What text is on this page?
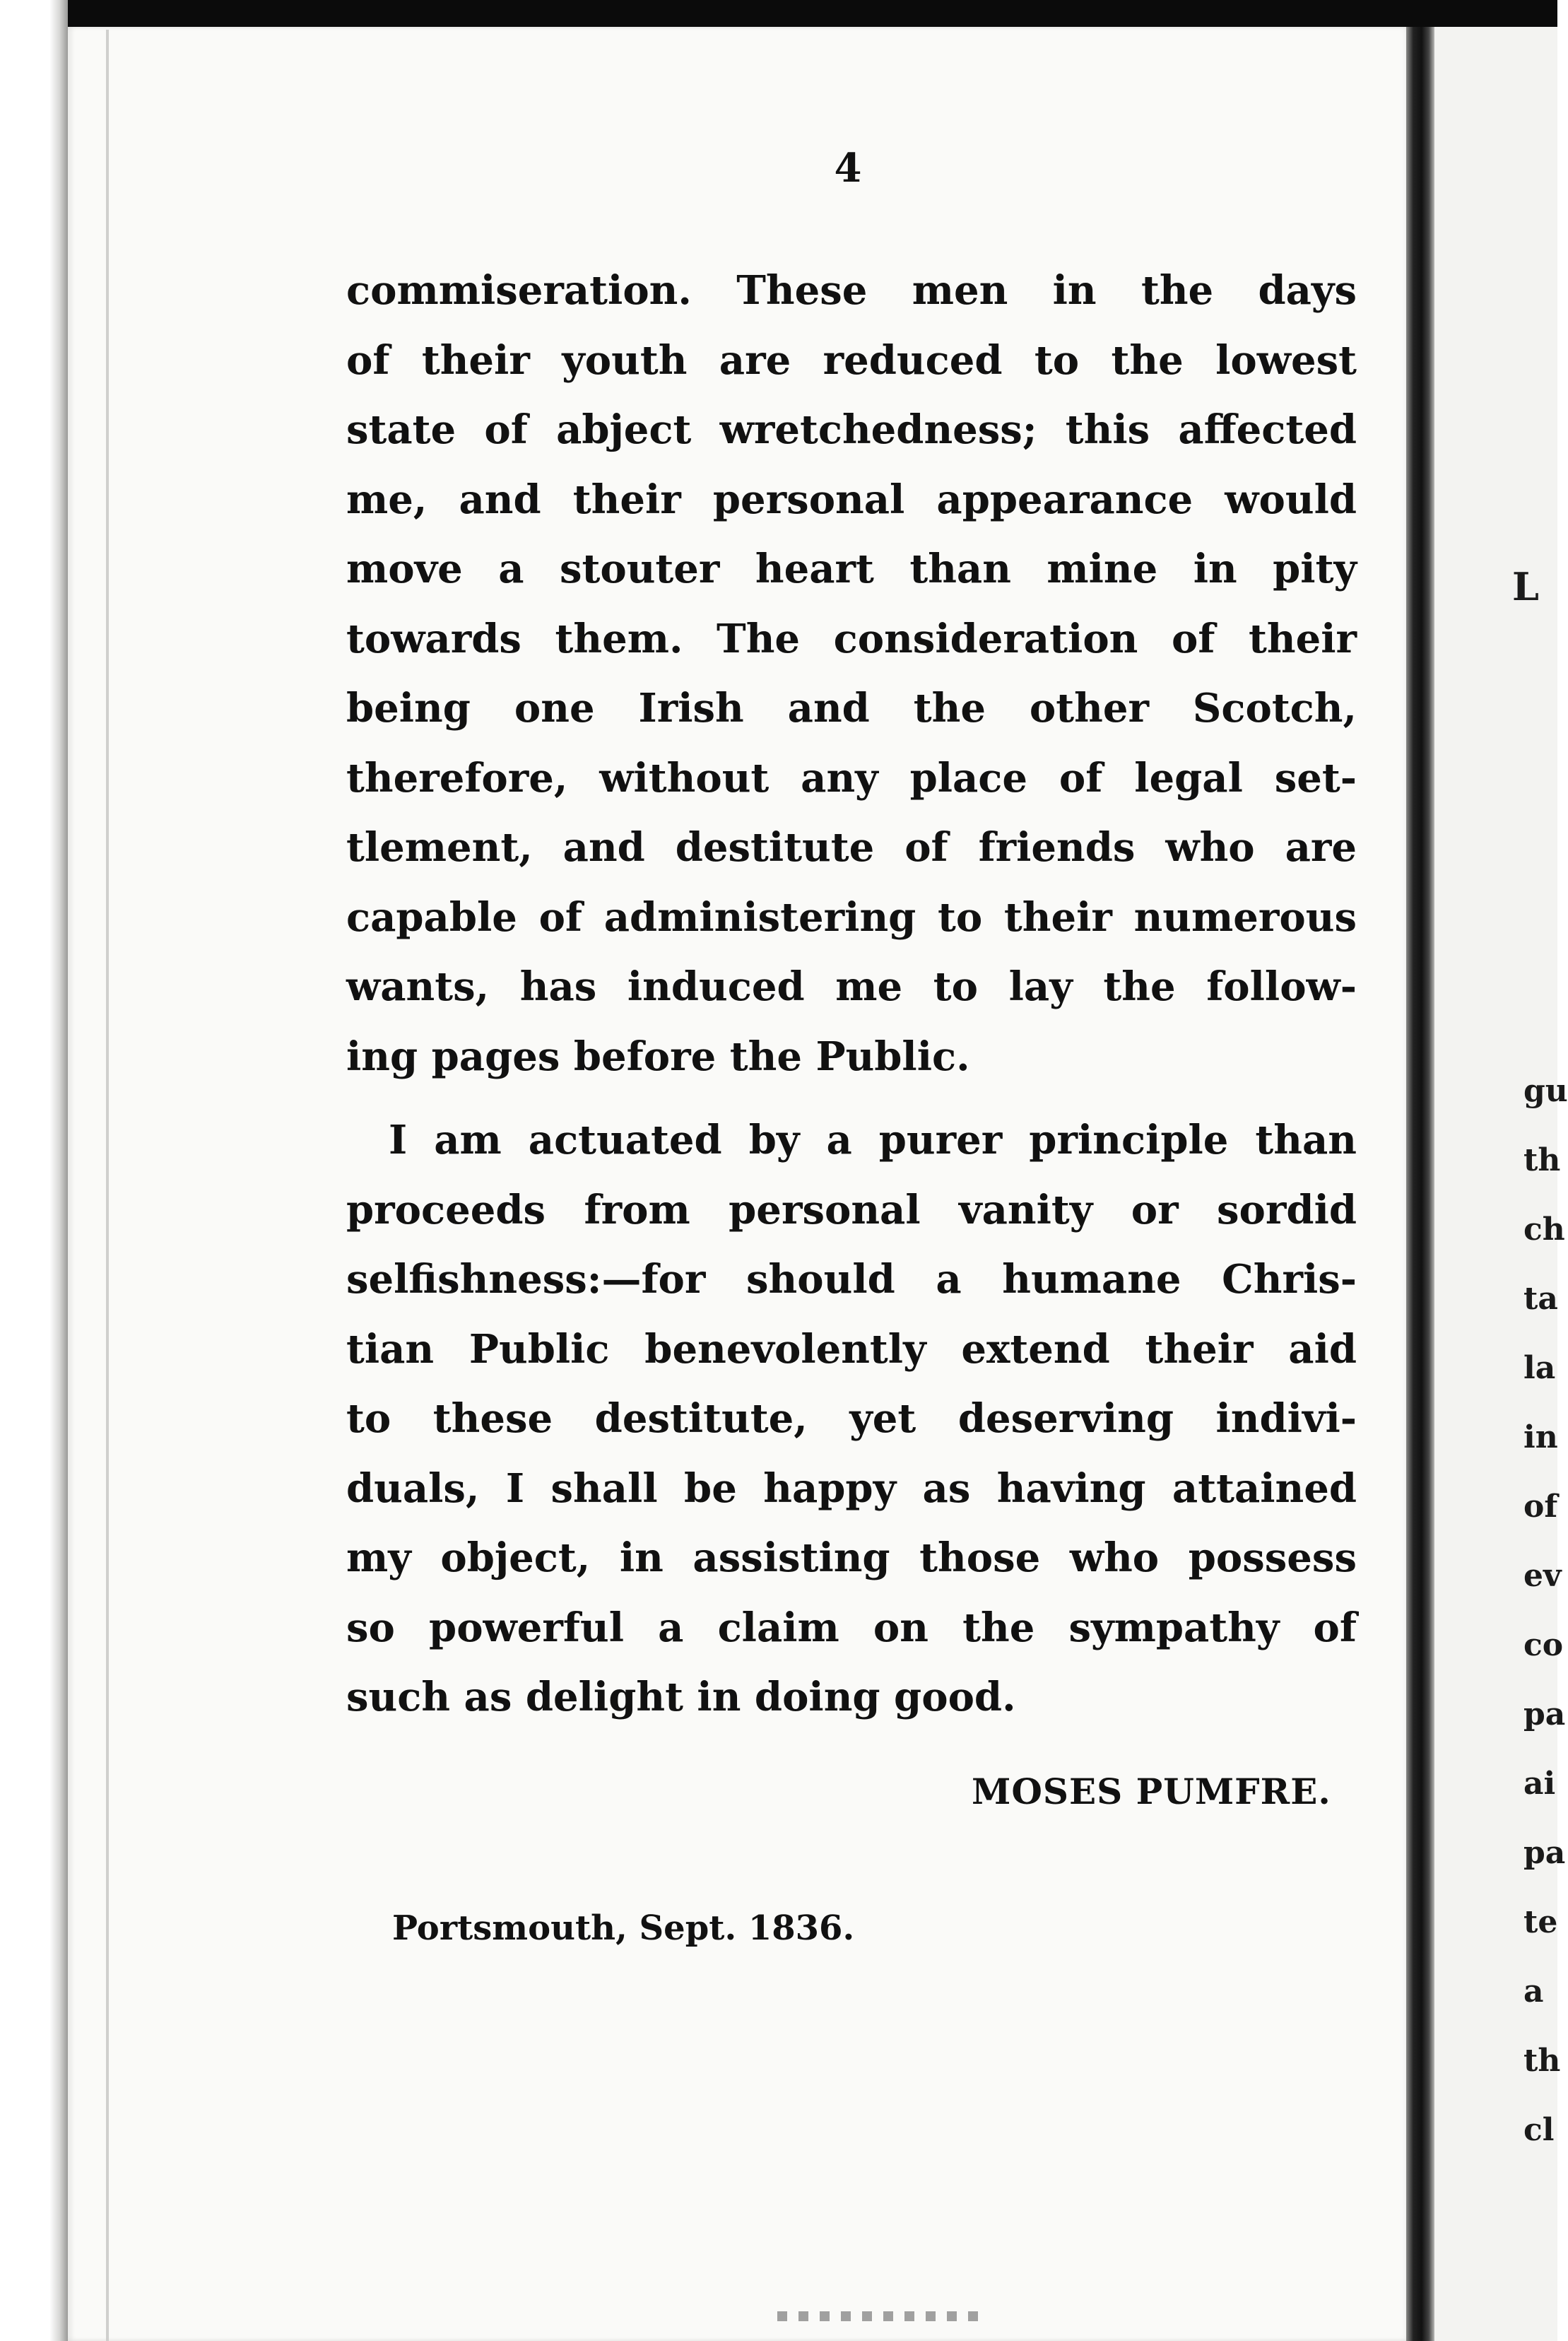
4
commiseration. These men in the days
of their youth are reduced to the lowest
state of abject wretchedness; this affected
me, and their personal appearance would
move a stouter heart than mine in pity
towards them. The consideration of their
being one Irish and the other Scotch,
therefore, without any place of legal set-
tlement, and destitute of friends who are
capable of administering to their numerous
wants, has induced me to lay the follow-
ing pages before the Public.
I am actuated by a purer principle than
proceeds from personal vanity or sordid
selfishness:—for should a humane Chris-
tian Public benevolently extend their aid
to these destitute, yet deserving indivi-
duals, I shall be happy as having attained
my object, in assisting those who possess
so powerful a claim on the sympathy of
such as delight in doing good.
MOSES PUMFRE.
Portsmouth, Sept. 1836.
L
gu
th
ch
ta
la
in
of
ev
co
pa
ai
pa
te
a
th
cl
